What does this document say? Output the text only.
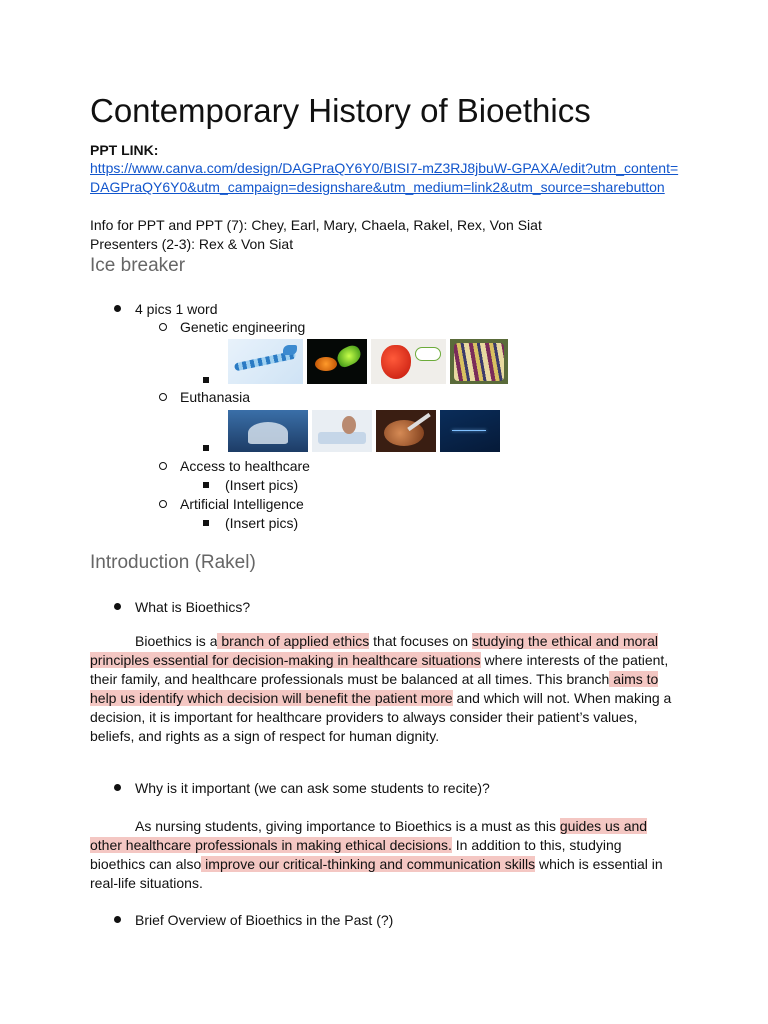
Contemporary History of Bioethics
PPT LINK:
https://www.canva.com/design/DAGPraQY6Y0/BISI7-mZ3RJ8jbuW-GPAXA/edit?utm_content=
DAGPraQY6Y0&utm_campaign=designshare&utm_medium=link2&utm_source=sharebutton
Info for PPT and PPT (7): Chey, Earl, Mary, Chaela, Rakel, Rex, Von Siat
Presenters (2-3): Rex & Von Siat
Ice breaker
4 pics 1 word
Genetic engineering
Euthanasia
Access to healthcare
(Insert pics)
Artificial Intelligence
(Insert pics)
Introduction (Rakel)
What is Bioethics?
Bioethics is a branch of applied ethics that focuses on studying the ethical and moral principles essential for decision-making in healthcare situations where interests of the patient, their family, and healthcare professionals must be balanced at all times. This branch aims to help us identify which decision will benefit the patient more and which will not. When making a decision, it is important for healthcare providers to always consider their patient’s values, beliefs, and rights as a sign of respect for human dignity.
Why is it important (we can ask some students to recite)?
As nursing students, giving importance to Bioethics is a must as this guides us and other healthcare professionals in making ethical decisions. In addition to this, studying bioethics can also improve our critical-thinking and communication skills which is essential in real-life situations.
Brief Overview of Bioethics in the Past (?)
